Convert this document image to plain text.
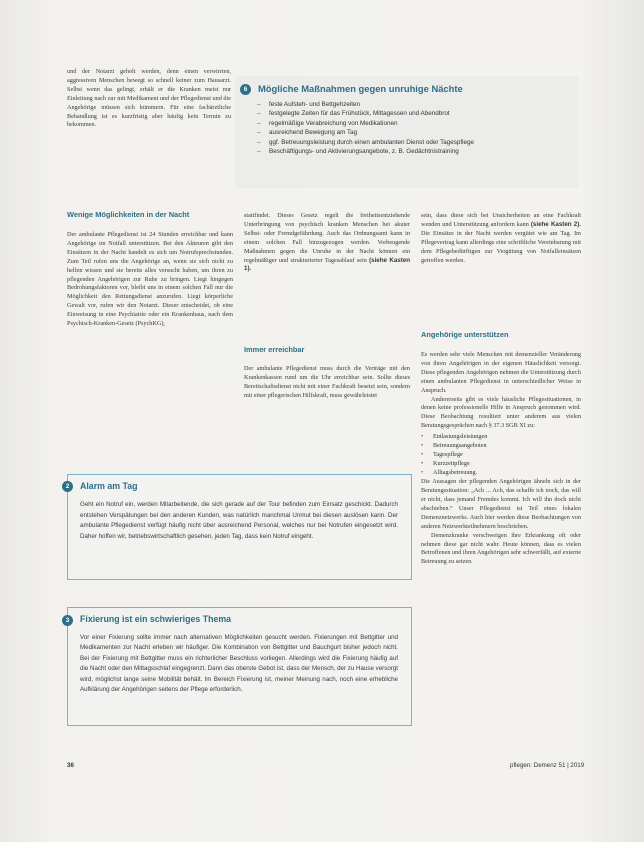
und der Notarzt geholt werden, denn einen verwirrten, aggressiven Menschen bewegt so schnell keiner zum Hausarzt. Selbst wenn das gelingt, erhält er die Kranken meist nur Einleitung nach zur mit Medikament und der Pflegedienst und die Angehörige müssen sich kümmern. Für eine fachärztliche Behandlung ist es kurzfristig aber häufig kein Termin zu bekommen.

6	Mögliche Maßnahmen gegen unruhige Nächte
– feste Aufsteh- und Bettgehzeiten
– festgelegte Zeiten für das Frühstück, Mittagessen und Abendbrot
– regelmäßige Verabreichung von Medikationen
– ausreichend Bewegung am Tag
– ggf. Betreuungsleistung durch einen ambulanten Dienst oder Tagespflege
– Beschäftigungs- und Aktivierungsangebote, z. B. Gedächtnistraining
Wenige Möglichkeiten in der Nacht

Der ambulante Pflegedienst ist 24 Stunden erreichbar und kann Angehörige im Notfall unterstützen. Bei den Akteuren gibt den Einsätzen in der Nacht handelt es sich um Notrufsprechstunden. Zum Teil rufen uns die Angehörige an, wenn sie sich nicht zu helfen wissen und sie bereits alles versucht haben, um ihren zu pflegenden Angehörigen zur Ruhe zu bringen. Liegt hingegen Bedrohungsfaktoren vor, bleibt uns in einem solchen Fall nur die Möglichkeit den Rettungsdienst anzurufen. Liegt körperliche Gewalt vor, rufen wir den Notarzt. Dieser entscheidet, ob eine Einweisung in eine Psychiatrie oder ein Krankenhaus, nach dem Psychisch-Kranken-Gesetz (PsychKG),

stattfindet. Dieses Gesetz regelt die freiheitsentziehende Unterbringung von psychisch kranken Menschen bei akuter Selbst- oder Fremdgefährdung. Auch das Ordnungsamt kann in einem solchen Fall hinzugezogen werden. Vorbeugende Maßnahmen gegen die Unruhe in der Nacht können ein regelmäßiger und strukturierter Tagesablauf sein (siehe Kasten 1).

Immer erreichbar

Der ambulante Pflegedienst muss durch die Verträge mit den Krankenkassen rund um die Uhr erreichbar sein. Sollte dieses Bereitschaftsdienst nicht mit einer Fachkraft besetzt sein, sondern mit einer pflegerischen Hilfskraft, muss gewährleistet

sein, dass diese sich bei Unsicherheiten an eine Fachkraft wenden und Unterstützung anfordern kann (siehe Kasten 2). Die Einsätze in der Nacht werden vergütet wie am Tag. Im Pflegevertrag kann allerdings eine schriftliche Vereinbarung mit dem Pflegebedürftigen zur Vergütung von Notfalleinsätzen getroffen werden.

Angehörige unterstützen

Es werden sehr viele Menschen mit demenzieller Veränderung von ihren Angehörigen in der eigenen Häuslichkeit versorgt. Diese pflegenden Angehörigen nehmen die Unterstützung durch einen ambulanten Pflegedienst in unterschiedlicher Weise in Anspruch.

Andererseits gibt es viele häusliche Pflegesituationen, in denen keine professionelle Hilfe in Anspruch genommen wird. Diese Beobachtung resultiert unter anderem aus vielen Beratungsgesprächen nach § 37.3 SGB XI zu:

• Entlastungsleistungen
• Betreuungsangeboten
• Tagespflege
• Kurzzeitpflege
• Alltagsbetreuung.

Die Aussagen der pflegenden Angehörigen ähneln sich in der Beratungssituation: „Ach ... Ach, das schaffe ich noch, das will er nicht, dass jemand Fremdes kommt. Ich will ihn doch nicht abschieben.“ Unser Pflegedienst ist Teil eines lokalen Demenznetzwerks. Auch hier werden diese Beobachtungen von anderen Netzwerkteilnehmern beschrieben.

Demenzkranke verschweigen ihre Erkrankung oft oder nehmen diese gar nicht wahr. Heute können, dass es vielen Betroffenen und ihren Angehörigen sehr schwerfällt, auf externe Betreuung zu setzen.

2	Alarm am Tag
Geht ein Notruf ein, werden Mitarbeitende, die sich gerade auf der Tour befinden zum Einsatz geschickt. Dadurch entstehen Verspätungen bei den anderen Kunden, was natürlich manchmal Unmut bei diesen auslösen kann. Der ambulante Pflegedienst verfügt häufig nicht über ausreichend Personal, welches nur bei Notrufen eingesetzt wird. Daher hoffen wir, betriebswirtschaftlich gesehen, jeden Tag, dass kein Notruf eingeht.
3	Fixierung ist ein schwieriges Thema
Vor einer Fixierung sollte immer nach alternativen Möglichkeiten gesucht werden. Fixierungen mit Bettgitter und Medikamenten zur Nacht erleben wir häufiger. Die Kombination von Bettgitter und Bauchgurt bisher jedoch nicht. Bei der Fixierung mit Bettgitter muss ein richterlicher Beschluss vorliegen. Allerdings wird die Fixierung häufig auf die Nacht oder den Mittagsschlaf eingegrenzt. Dann das oberste Gebot ist, dass der Mensch, der zu Hause versorgt wird, möglichst lange seine Mobilität behält. Im Bereich Fixierung ist, meiner Meinung nach, noch eine erhebliche Aufklärung der Angehörigen seitens der Pflege erforderlich.
36	pflegen: Demenz 51 | 2019
